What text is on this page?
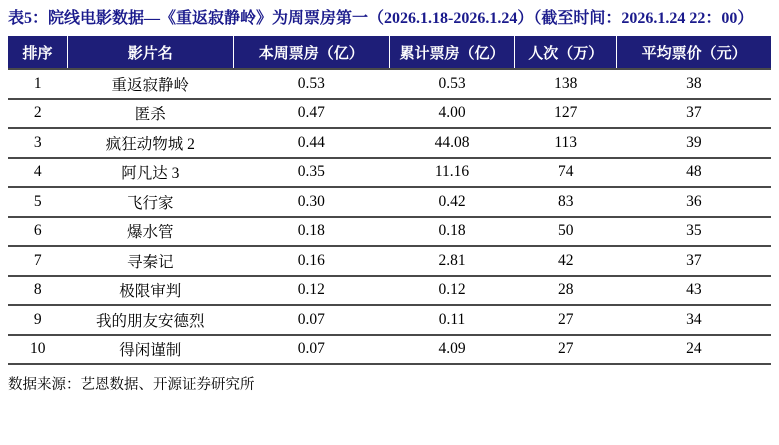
表5：院线电影数据—《重返寂静岭》为周票房第一（2026.1.18-2026.1.24）（截至时间：2026.1.24 22：00）
排序	影片名	本周票房（亿）	累计票房（亿）	人次（万）	平均票价（元）
1	重返寂静岭	0.53	0.53	138	38
2	匿杀	0.47	4.00	127	37
3	疯狂动物城 2	0.44	44.08	113	39
4	阿凡达 3	0.35	11.16	74	48
5	飞行家	0.30	0.42	83	36
6	爆水管	0.18	0.18	50	35
7	寻秦记	0.16	2.81	42	37
8	极限审判	0.12	0.12	28	43
9	我的朋友安德烈	0.07	0.11	27	34
10	得闲谨制	0.07	4.09	27	24
数据来源：艺恩数据、开源证券研究所
